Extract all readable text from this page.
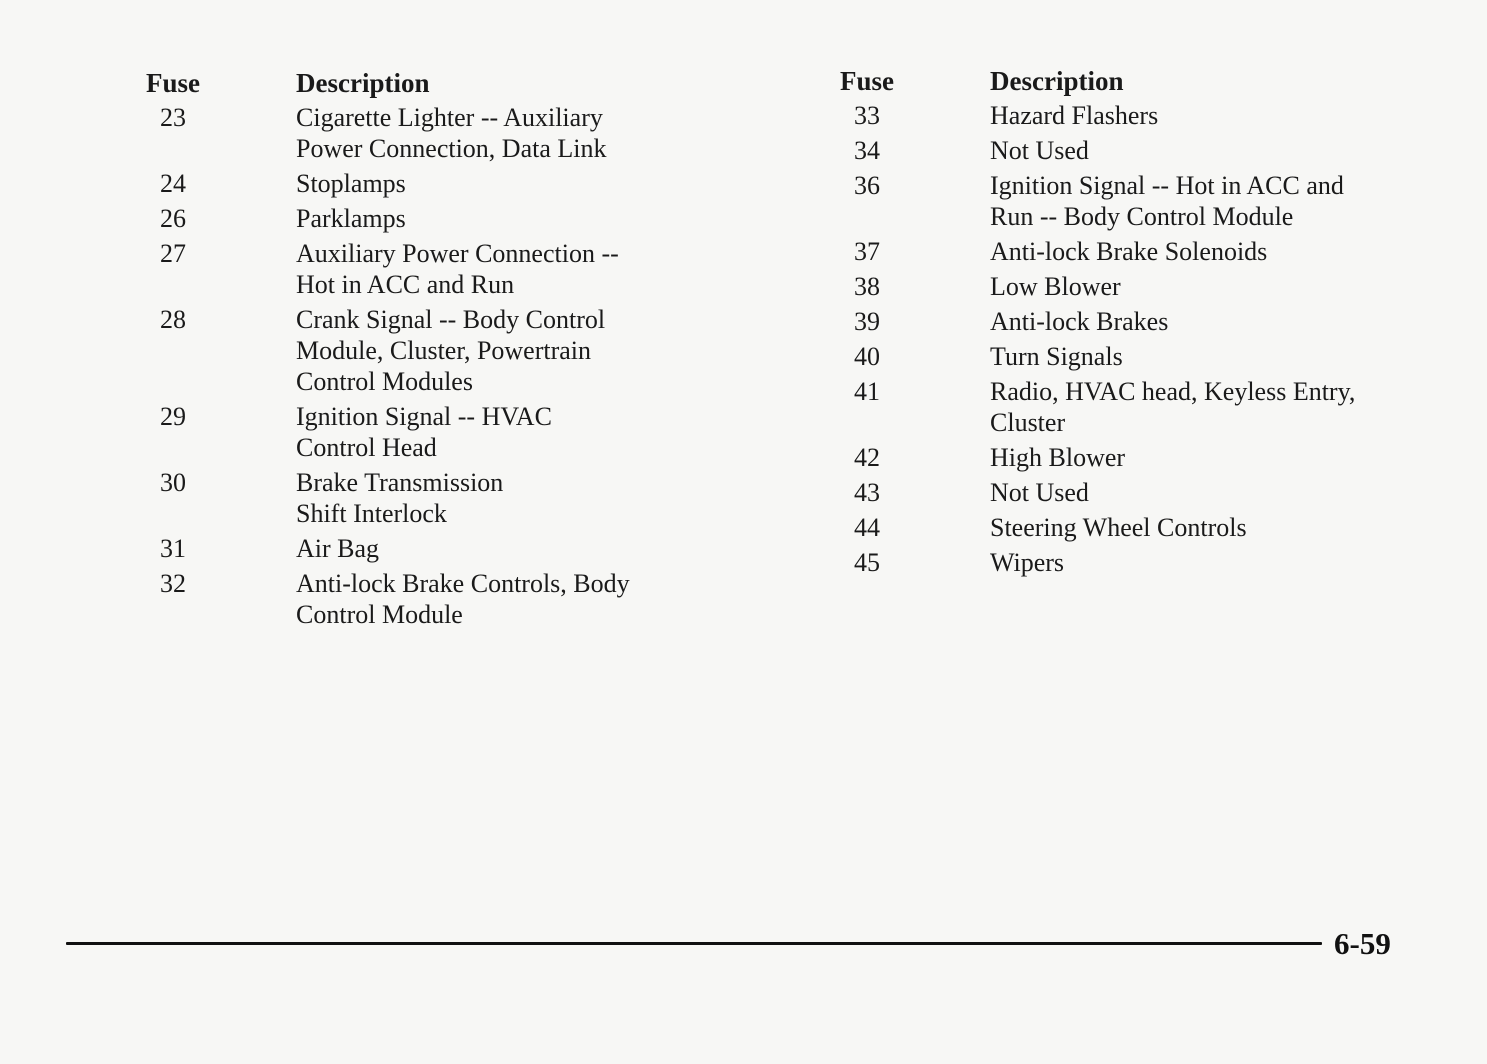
Fuse	Description
23	Cigarette Lighter -- Auxiliary
Power Connection, Data Link
24	Stoplamps
26	Parklamps
27	Auxiliary Power Connection --
Hot in ACC and Run
28	Crank Signal -- Body Control
Module, Cluster, Powertrain
Control Modules
29	Ignition Signal -- HVAC
Control Head
30	Brake Transmission
Shift Interlock
31	Air Bag
32	Anti-lock Brake Controls, Body
Control Module
Fuse	Description
33	Hazard Flashers
34	Not Used
36	Ignition Signal -- Hot in ACC and
Run -- Body Control Module
37	Anti-lock Brake Solenoids
38	Low Blower
39	Anti-lock Brakes
40	Turn Signals
41	Radio, HVAC head, Keyless Entry,
Cluster
42	High Blower
43	Not Used
44	Steering Wheel Controls
45	Wipers
6-59
